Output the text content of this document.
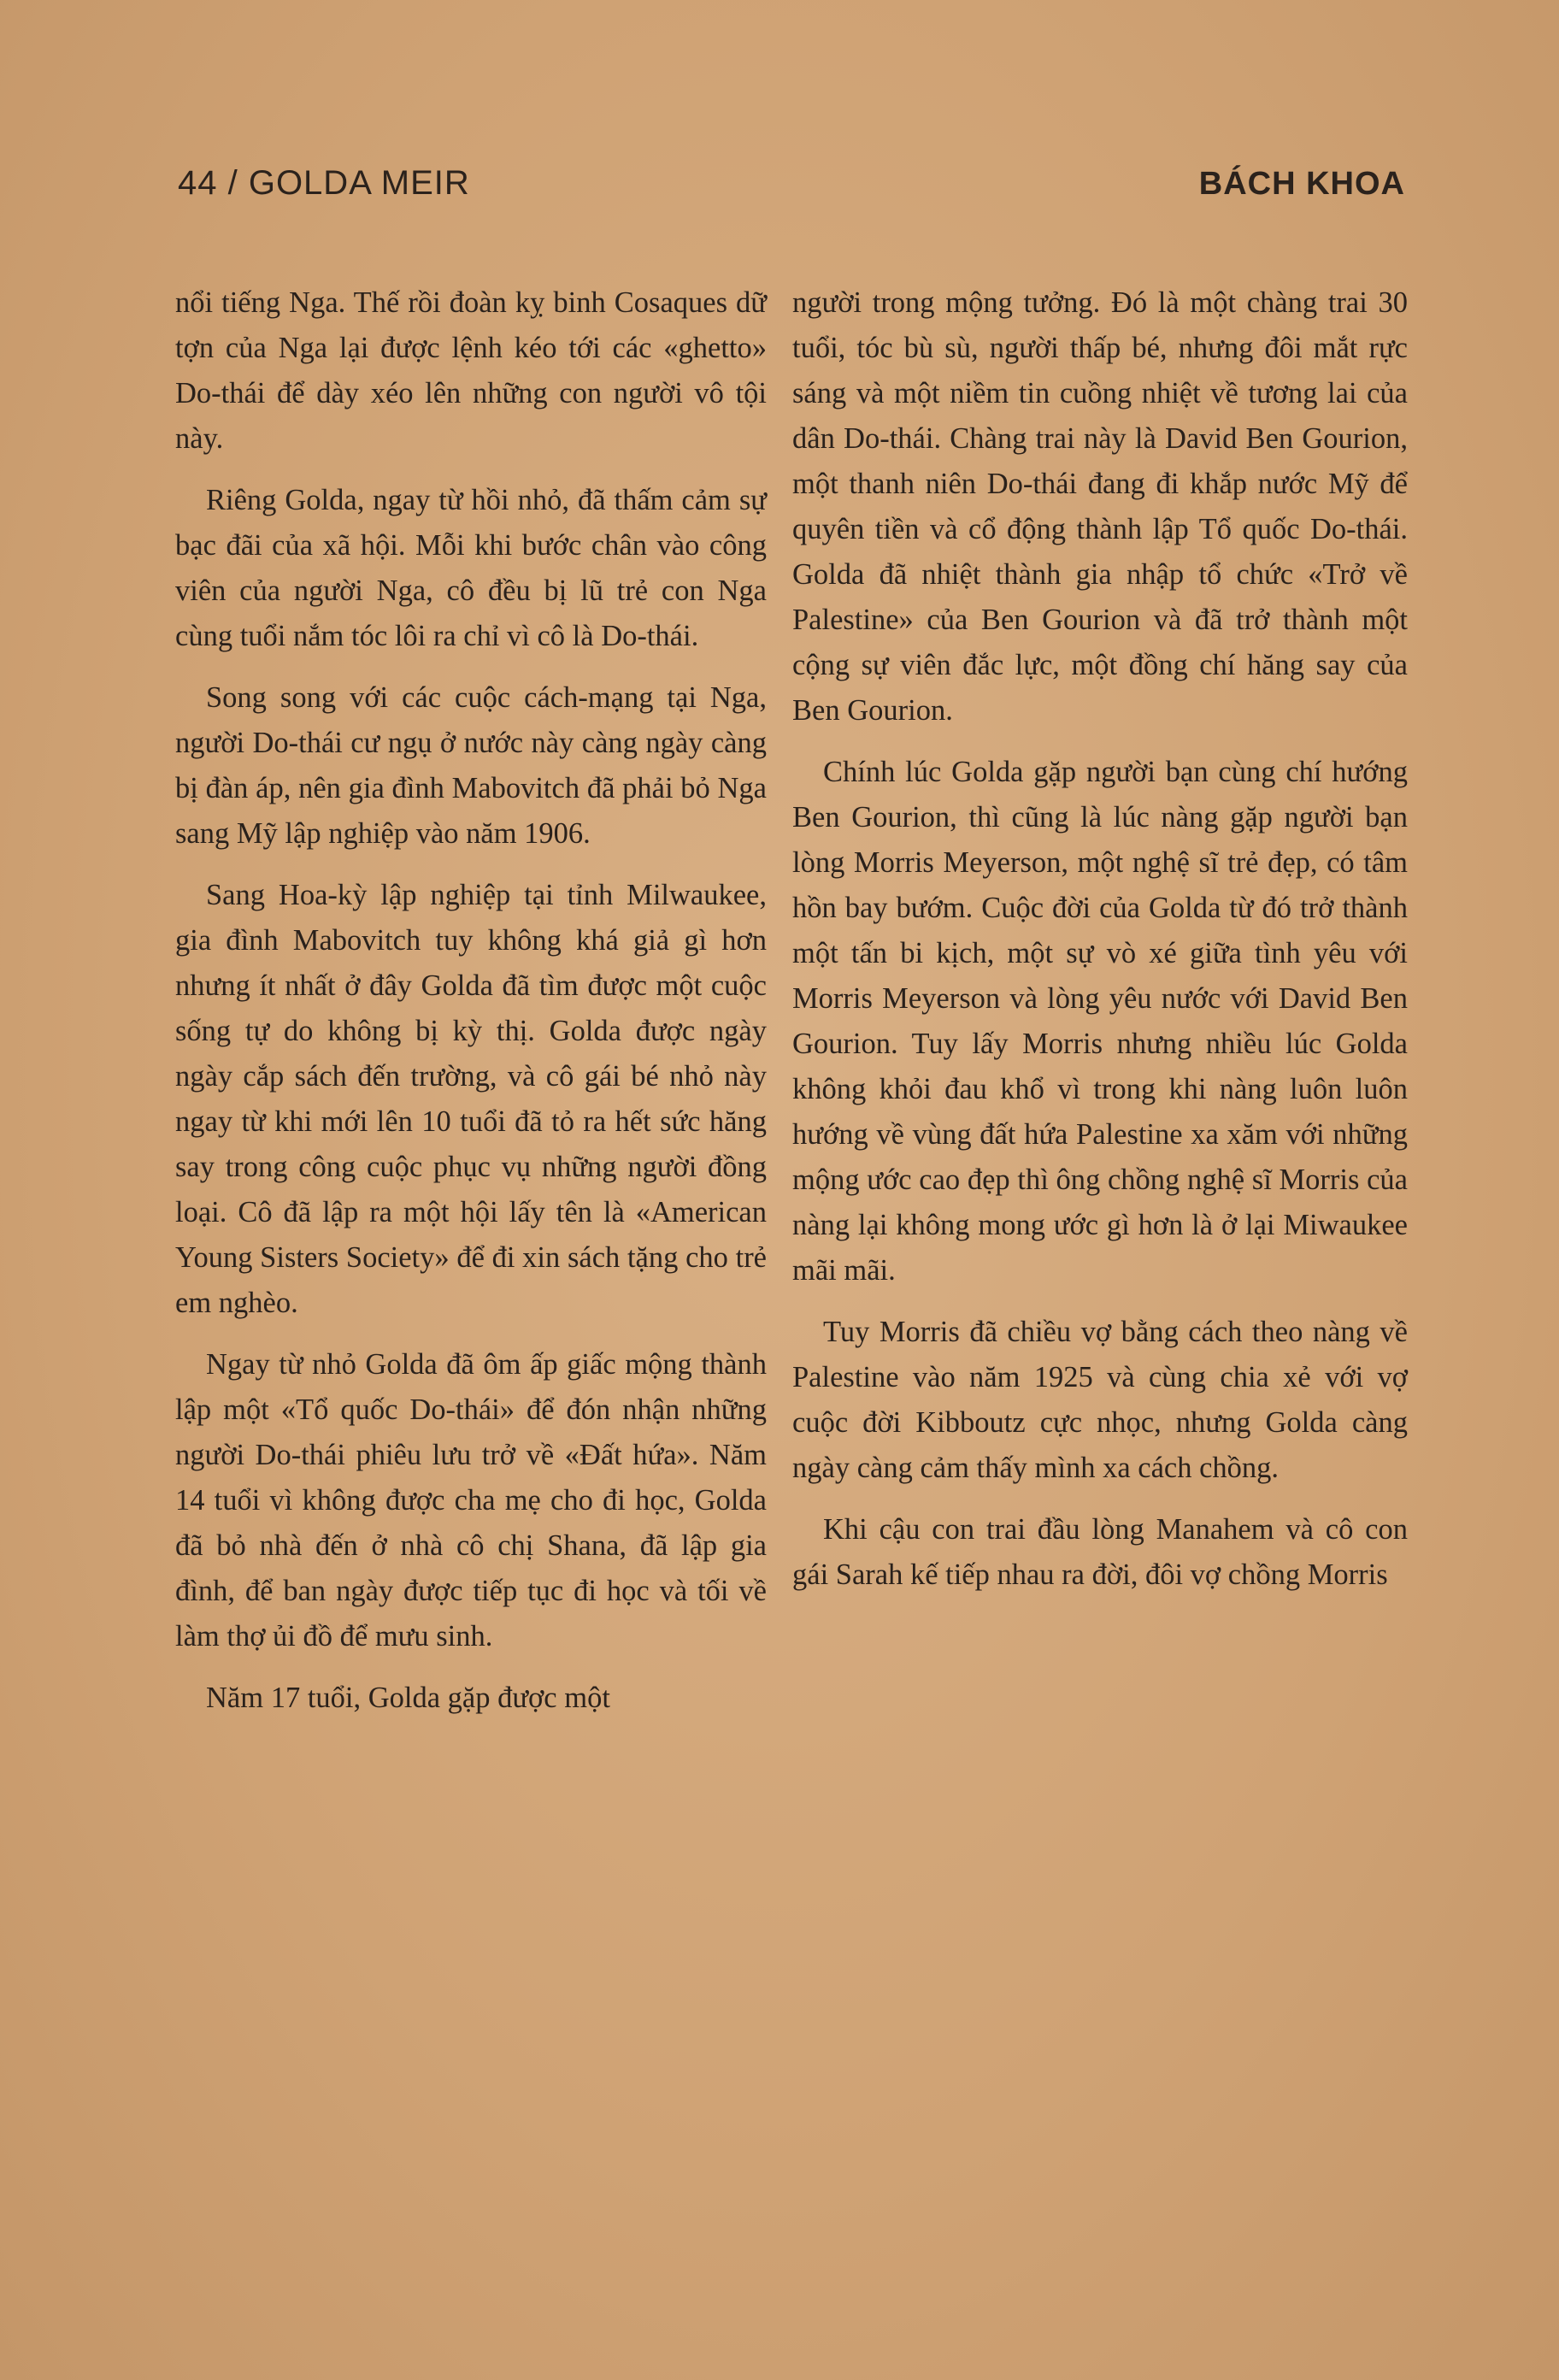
44 / GOLDA MEIR	BÁCH KHOA

nổi tiếng Nga. Thế rồi đoàn kỵ binh Cosaques dữ tợn của Nga lại được lệnh kéo tới các «ghetto» Do-thái để dày xéo lên những con người vô tội này.

Riêng Golda, ngay từ hồi nhỏ, đã thấm cảm sự bạc đãi của xã hội. Mỗi khi bước chân vào công viên của người Nga, cô đều bị lũ trẻ con Nga cùng tuổi nắm tóc lôi ra chỉ vì cô là Do-thái.

Song song với các cuộc cách-mạng tại Nga, người Do-thái cư ngụ ở nước này càng ngày càng bị đàn áp, nên gia đình Mabovitch đã phải bỏ Nga sang Mỹ lập nghiệp vào năm 1906.

Sang Hoa-kỳ lập nghiệp tại tỉnh Milwaukee, gia đình Mabovitch tuy không khá giả gì hơn nhưng ít nhất ở đây Golda đã tìm được một cuộc sống tự do không bị kỳ thị. Golda được ngày ngày cắp sách đến trường, và cô gái bé nhỏ này ngay từ khi mới lên 10 tuổi đã tỏ ra hết sức hăng say trong công cuộc phục vụ những người đồng loại. Cô đã lập ra một hội lấy tên là «American Young Sisters Society» để đi xin sách tặng cho trẻ em nghèo.

Ngay từ nhỏ Golda đã ôm ấp giấc mộng thành lập một «Tổ quốc Do-thái» để đón nhận những người Do-thái phiêu lưu trở về «Đất hứa». Năm 14 tuổi vì không được cha mẹ cho đi học, Golda đã bỏ nhà đến ở nhà cô chị Shana, đã lập gia đình, để ban ngày được tiếp tục đi học và tối về làm thợ ủi đồ để mưu sinh.

Năm 17 tuổi, Golda gặp được một

người trong mộng tưởng. Đó là một chàng trai 30 tuổi, tóc bù sù, người thấp bé, nhưng đôi mắt rực sáng và một niềm tin cuồng nhiệt về tương lai của dân Do-thái. Chàng trai này là David Ben Gourion, một thanh niên Do-thái đang đi khắp nước Mỹ để quyên tiền và cổ động thành lập Tổ quốc Do-thái. Golda đã nhiệt thành gia nhập tổ chức «Trở về Palestine» của Ben Gourion và đã trở thành một cộng sự viên đắc lực, một đồng chí hăng say của Ben Gourion.

Chính lúc Golda gặp người bạn cùng chí hướng Ben Gourion, thì cũng là lúc nàng gặp người bạn lòng Morris Meyerson, một nghệ sĩ trẻ đẹp, có tâm hồn bay bướm. Cuộc đời của Golda từ đó trở thành một tấn bi kịch, một sự vò xé giữa tình yêu với Morris Meyerson và lòng yêu nước với David Ben Gourion. Tuy lấy Morris nhưng nhiều lúc Golda không khỏi đau khổ vì trong khi nàng luôn luôn hướng về vùng đất hứa Palestine xa xăm với những mộng ước cao đẹp thì ông chồng nghệ sĩ Morris của nàng lại không mong ước gì hơn là ở lại Miwaukee mãi mãi.

Tuy Morris đã chiều vợ bằng cách theo nàng về Palestine vào năm 1925 và cùng chia xẻ với vợ cuộc đời Kibboutz cực nhọc, nhưng Golda càng ngày càng cảm thấy mình xa cách chồng.

Khi cậu con trai đầu lòng Manahem và cô con gái Sarah kế tiếp nhau ra đời, đôi vợ chồng Morris
